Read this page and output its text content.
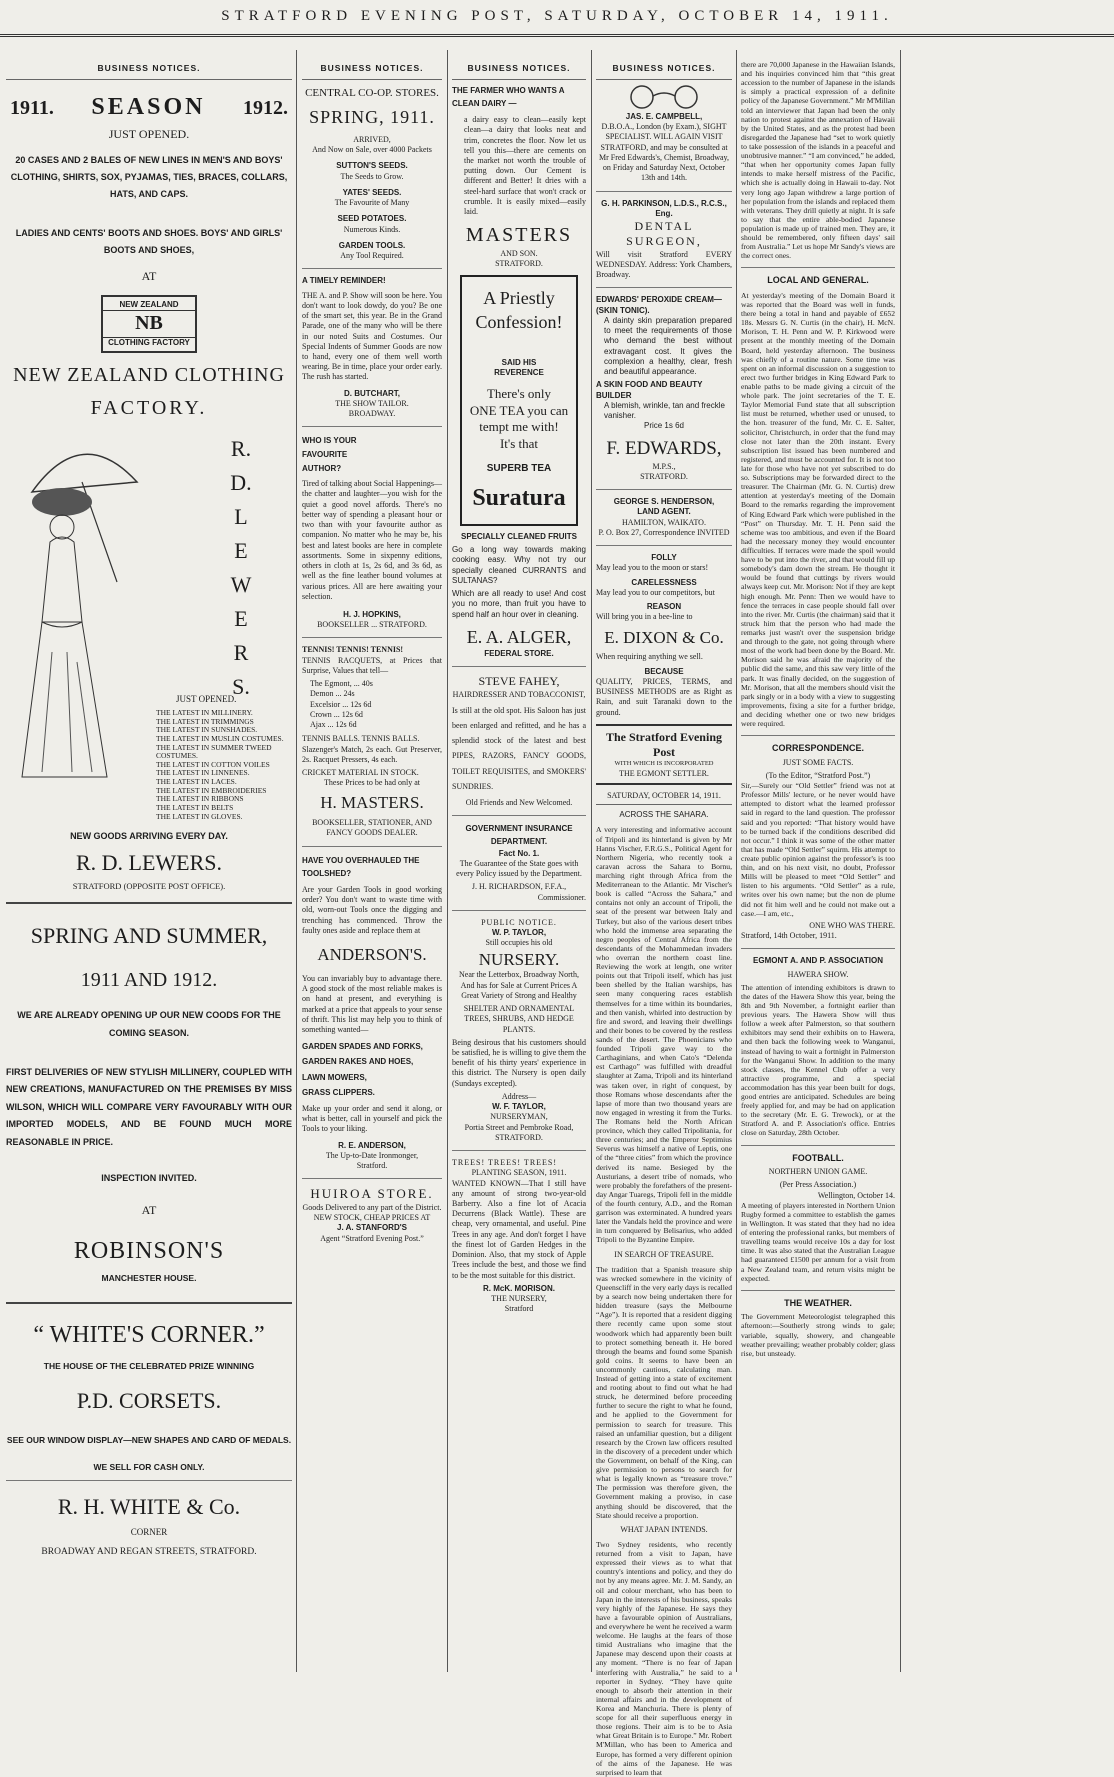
STRATFORD EVENING POST, SATURDAY, OCTOBER 14, 1911.
BUSINESS NOTICES.
1911. SEASON 1912.
JUST OPENED.
20 CASES AND 2 BALES OF NEW LINES IN MEN'S AND BOYS' CLOTHING, SHIRTS, SOX, PYJAMAS, TIES, BRACES, COLLARS, HATS, AND CAPS.
LADIES AND CENTS' BOOTS AND SHOES. BOYS' AND GIRLS' BOOTS AND SHOES,
AT
NEW ZEALAND
NB
CLOTHING FACTORY
NEW ZEALAND CLOTHING
FACTORY.
R.
D.
L
E
W
E
R
S.
JUST OPENED.
THE LATEST IN MILLINERY.
THE LATEST IN TRIMMINGS
THE LATEST IN SUNSHADES.
THE LATEST IN MUSLIN COSTUMES.
THE LATEST IN SUMMER TWEED COSTUMES.
THE LATEST IN COTTON VOILES
THE LATEST IN LINNENES.
THE LATEST IN LACES.
THE LATEST IN EMBROIDERIES
THE LATEST IN RIBBONS
THE LATEST IN BELTS
THE LATEST IN GLOVES.
NEW GOODS ARRIVING EVERY DAY.
R. D. LEWERS.
STRATFORD (OPPOSITE POST OFFICE).
SPRING AND SUMMER,
1911 AND 1912.
WE ARE ALREADY OPENING UP OUR NEW COODS FOR THE COMING SEASON.
FIRST DELIVERIES OF NEW STYLISH MILLINERY, COUPLED WITH NEW CREATIONS, MANUFACTURED ON THE PREMISES BY MISS WILSON, WHICH WILL COMPARE VERY FAVOURABLY WITH OUR IMPORTED MODELS, AND BE FOUND MUCH MORE REASONABLE IN PRICE.
INSPECTION INVITED.
AT
ROBINSON'S
MANCHESTER HOUSE.
“ WHITE'S CORNER.”
THE HOUSE OF THE CELEBRATED PRIZE WINNING
P.D. CORSETS.
SEE OUR WINDOW DISPLAY—NEW SHAPES AND CARD OF MEDALS.
WE SELL FOR CASH ONLY.
R. H. WHITE & Co.
CORNER
BROADWAY AND REGAN STREETS, STRATFORD.
BUSINESS NOTICES.
CENTRAL CO-OP. STORES.
SPRING, 1911.
ARRIVED,
And Now on Sale, over 4000 Packets
SUTTON'S SEEDS.
The Seeds to Grow.
YATES' SEEDS.
The Favourite of Many
SEED POTATOES.
Numerous Kinds.
GARDEN TOOLS.
Any Tool Required.
A TIMELY REMINDER!

THE A. and P. Show will soon be here. You don't want to look dowdy, do you? Be one of the smart set, this year. Be in the Grand Parade, one of the many who will be there in our noted Suits and Costumes. Our Special Indents of Summer Goods are now to hand, every one of them well worth wearing. Be in time, place your order early. The rush has started.

D. BUTCHART,
THE SHOW TAILOR.
BROADWAY.
WHO IS YOUR FAVOURITE AUTHOR?

Tired of talking about Social Happenings—the chatter and laughter—you wish for the quiet a good novel affords. There's no better way of spending a pleasant hour or two than with your favourite author as companion. No matter who he may be, his best and latest books are here in complete assortments. Some in sixpenny editions, others in cloth at 1s, 2s 6d, and 3s 6d, as well as the fine leather bound volumes at various prices. All are here awaiting your selection.

H. J. HOPKINS,
BOOKSELLER ... STRATFORD.
TENNIS! TENNIS! TENNIS!

TENNIS RACQUETS, at Prices that Surprise, Values that tell—

The Egmont, ... 40s
Demon ... 24s
Excelsior ... 12s 6d
Crown ... 12s 6d
Ajax ... 12s 6d
TENNIS BALLS. TENNIS BALLS.

Slazenger's Match, 2s each. Gut Preserver, 2s. Racquet Pressers, 4s each.

CRICKET MATERIAL IN STOCK.
These Prices to be had only at
H. MASTERS.
BOOKSELLER, STATIONER, AND FANCY GOODS DEALER.
HAVE YOU OVERHAULED THE TOOLSHED?

Are your Garden Tools in good working order? You don't want to waste time with old, worn-out Tools once the digging and trenching has commenced. Throw the faulty ones aside and replace them at

ANDERSON'S.

You can invariably buy to advantage there. A good stock of the most reliable makes is on hand at present, and everything is marked at a price that appeals to your sense of thrift. This list may help you to think of something wanted—

GARDEN SPADES AND FORKS,
GARDEN RAKES AND HOES,
LAWN MOWERS,
GRASS CLIPPERS.

Make up your order and send it along, or what is better, call in yourself and pick the Tools to your liking.

R. E. ANDERSON,
The Up-to-Date Ironmonger,
Stratford.
HUIROA STORE.
Goods Delivered to any part of the District.
NEW STOCK, CHEAP PRICES AT
J. A. STANFORD'S
Agent “Stratford Evening Post.”
BUSINESS NOTICES.
THE FARMER WHO WANTS A CLEAN DAIRY —

a dairy easy to clean—easily kept clean—a dairy that looks neat and trim, concretes the floor. Now let us tell you this—there are cements on the market not worth the trouble of putting down. Our Cement is different and Better! It dries with a steel-hard surface that won't crack or crumble. It is easily mixed—easily laid.

MASTERS
AND SON.
STRATFORD.
A Priestly
Confession!
SAID HIS
REVERENCE
There's only
ONE TEA you can
tempt me with!
It's that
SUPERB TEA
Suratura
SPECIALLY CLEANED FRUITS

Go a long way towards making cooking easy. Why not try our specially cleaned CURRANTS and SULTANAS?

Which are all ready to use! And cost you no more, than fruit you have to spend half an hour over in cleaning.

E. A. ALGER,
FEDERAL STORE.
STEVE FAHEY,
HAIRDRESSER AND TOBACCONIST,

Is still at the old spot. His Saloon has just been enlarged and refitted, and he has a splendid stock of the latest and best PIPES, RAZORS, FANCY GOODS, TOILET REQUISITES, and SMOKERS' SUNDRIES.

Old Friends and New Welcomed.
GOVERNMENT INSURANCE DEPARTMENT.
Fact No. 1.

The Guarantee of the State goes with every Policy issued by the Department.

J. H. RICHARDSON, F.F.A.,
Commissioner.
PUBLIC NOTICE.
W. P. TAYLOR,
Still occupies his old
NURSERY.

Near the Letterbox, Broadway North, And has for Sale at Current Prices A Great Variety of Strong and Healthy

SHELTER AND ORNAMENTAL TREES, SHRUBS, AND HEDGE PLANTS.

Being desirous that his customers should be satisfied, he is willing to give them the benefit of his thirty years' experience in this district. The Nursery is open daily (Sundays excepted).

Address—
W. F. TAYLOR,
NURSERYMAN,
Portia Street and Pembroke Road,
STRATFORD.
TREES! TREES! TREES!
PLANTING SEASON, 1911.

WANTED KNOWN—That I still have any amount of strong two-year-old Barberry. Also a fine lot of Acacia Decurrens (Black Wattle). These are cheap, very ornamental, and useful. Pine Trees in any age. And don't forget I have the finest lot of Garden Hedges in the Dominion. Also, that my stock of Apple Trees include the best, and those we find to be the most suitable for this district.

R. McK. MORISON.
THE NURSERY,
Stratford
BUSINESS NOTICES.
JAS. E. CAMPBELL,

D.B.O.A., London (by Exam.), SIGHT SPECIALIST. WILL AGAIN VISIT STRATFORD, and may be consulted at Mr Fred Edwards's, Chemist, Broadway, on Friday and Saturday Next, October 13th and 14th.

G. H. PARKINSON, L.D.S., R.C.S., Eng.
DENTAL SURGEON,

Will visit Stratford EVERY WEDNESDAY. Address: York Chambers, Broadway.

EDWARDS' PEROXIDE CREAM— (SKIN TONIC).

A dainty skin preparation prepared to meet the requirements of those who demand the best without extravagant cost. It gives the complexion a healthy, clear, fresh and beautiful appearance.

A SKIN FOOD AND BEAUTY BUILDER
A blemish, wrinkle, tan and freckle vanisher.
Price 1s 6d
F. EDWARDS,
M.P.S.,
STRATFORD.
GEORGE S. HENDERSON,
LAND AGENT.
HAMILTON, WAIKATO.
P. O. Box 27, Correspondence INVITED
FOLLY
May lead you to the moon or stars!
CARELESSNESS
May lead you to our competitors, but
REASON
Will bring you in a bee-line to
E. DIXON & Co.
When requiring anything we sell.
BECAUSE

QUALITY, PRICES, TERMS, and BUSINESS METHODS are as Right as Rain, and suit Taranaki down to the ground.

The Stratford Evening Post
WITH WHICH IS INCORPORATED
THE EGMONT SETTLER.
SATURDAY, OCTOBER 14, 1911.
ACROSS THE SAHARA.

A very interesting and informative account of Tripoli and its hinterland is given by Mr Hanns Vischer, F.R.G.S., Political Agent for Northern Nigeria, who recently took a caravan across the Sahara to Bornu, marching right through Africa from the Mediterranean to the Atlantic. Mr Vischer's book is called “Across the Sahara,” and contains not only an account of Tripoli, the seat of the present war between Italy and Turkey, but also of the various desert tribes who hold the immense area separating the negro peoples of Central Africa from the descendants of the Mohammedan invaders who overran the northern coast line. Reviewing the work at length, one writer points out that Tripoli itself, which has just been shelled by the Italian warships, has seen many conquering races establish themselves for a time within its boundaries, and then vanish, whirled into destruction by fire and sword, and leaving their dwellings and their bones to be covered by the restless sands of the desert. The Phoenicians who founded Tripoli gave way to the Carthaginians, and when Cato's “Delenda est Carthago” was fulfilled with dreadful slaughter at Zama, Tripoli and its hinterland was taken over, in right of conquest, by those Romans whose descendants after the lapse of more than two thousand years are now engaged in wresting it from the Turks. The Romans held the North African province, which they called Tripolitania, for three centuries; and the Emperor Septimius Severus was himself a native of Leptis, one of the “three cities” from which the province derived its name. Besieged by the Austurians, a desert tribe of nomads, who were probably the forefathers of the present-day Angar Tuaregs, Tripoli fell in the middle of the fourth century, A.D., and the Roman garrison was exterminated. A hundred years later the Vandals held the province and were in turn conquered by Belisarius, who added Tripoli to the Byzantine Empire.

IN SEARCH OF TREASURE.

The tradition that a Spanish treasure ship was wrecked somewhere in the vicinity of Queenscliff in the very early days is recalled by a search now being undertaken there for hidden treasure (says the Melbourne “Age”). It is reported that a resident digging there recently came upon some stout woodwork which had apparently been built to protect something beneath it. He bored through the beams and found some Spanish gold coins. It seems to have been an uncommonly cautious, calculating man. Instead of getting into a state of excitement and rooting about to find out what he had struck, he determined before proceeding further to secure the right to what he found, and he applied to the Government for permission to search for treasure. This raised an unfamiliar question, but a diligent research by the Crown law officers resulted in the discovery of a precedent under which the Government, on behalf of the King, can give permission to persons to search for what is legally known as “treasure trove.” The permission was therefore given, the Government making a proviso, in case anything should be discovered, that the State should receive a proportion.

WHAT JAPAN INTENDS.

Two Sydney residents, who recently returned from a visit to Japan, have expressed their views as to what that country's intentions and policy, and they do not by any means agree. Mr. J. M. Sandy, an oil and colour merchant, who has been to Japan in the interests of his business, speaks very highly of the Japanese. He says they have a favourable opinion of Australians, and everywhere he went he received a warm welcome. He laughs at the fears of those timid Australians who imagine that the Japanese may descend upon their coasts at any moment. “There is no fear of Japan interfering with Australia,” he said to a reporter in Sydney. “They have quite enough to absorb their attention in their internal affairs and in the development of Korea and Manchuria. There is plenty of scope for all their superfluous energy in those regions. Their aim is to be to Asia what Great Britain is to Europe.” Mr. Robert M'Millan, who has been to America and Europe, has formed a very different opinion of the aims of the Japanese. He was surprised to learn that

there are 70,000 Japanese in the Hawaiian Islands, and his inquiries convinced him that “this great accession to the number of Japanese in the islands is simply a practical expression of a definite policy of the Japanese Government.” Mr M'Millan told an interviewer that Japan had been the only nation to protest against the annexation of Hawaii by the United States, and as the protest had been disregarded the Japanese had “set to work quietly to take possession of the islands in a peaceful and unobtrusive manner.” “I am convinced,” he added, “that when her opportunity comes Japan fully intends to make herself mistress of the Pacific, which she is actually doing in Hawaii to-day. Not very long ago Japan withdrew a large portion of her population from the islands and replaced them with veterans. They drill quietly at night. It is safe to say that the entire able-bodied Japanese population is made up of trained men. They are, it should be remembered, only fifteen days' sail from Australia.” Let us hope Mr Sandy's views are the correct ones.

LOCAL AND GENERAL.

At yesterday's meeting of the Domain Board it was reported that the Board was well in funds, there being a total in hand and payable of £652 18s. Messrs G. N. Curtis (in the chair), H. McN. Morison, T. H. Penn and W. P. Kirkwood were present at the monthly meeting of the Domain Board, held yesterday afternoon. The business was chiefly of a routine nature. Some time was spent on an informal discussion on a suggestion to erect two further bridges in King Edward Park to enable paths to be made giving a circuit of the whole park. The joint secretaries of the T. E. Taylor Memorial Fund state that all subscription list must be returned, whether used or unused, to the hon. treasurer of the fund, Mr. C. E. Salter, solicitor, Christchurch, in order that the fund may close not later than the 20th instant. Every subscription list issued has been numbered and registered, and must be accounted for. It is not too late for those who have not yet subscribed to do so. Subscriptions may be forwarded direct to the treasurer. The Chairman (Mr. G. N. Curtis) drew attention at yesterday's meeting of the Domain Board to the remarks regarding the improvement of King Edward Park which were published in the “Post” on Thursday. Mr. T. H. Penn said the scheme was too ambitious, and even if the Board had the necessary money they would encounter difficulties. If terraces were made the spoil would have to be put into the river, and that would fill up somebody's dam down the stream. He thought it would be found that cuttings by rivers would always keep cut. Mr. Morison: Not if they are kept high enough. Mr. Penn: Then we would have to fence the terraces in case people should fall over into the river. Mr. Curtis (the chairman) said that it struck him that the person who had made the remarks just wasn't over the suspension bridge and through to the gate, not going through where most of the work had been done by the Board. Mr. Morison said he was afraid the majority of the public did the same, and this saw very little of the park. It was finally decided, on the suggestion of Mr. Morison, that all the members should visit the park singly or in a body with a view to suggesting improvements, fixing a site for a further bridge, and deciding whether one or two new bridges were required.

CORRESPONDENCE.
JUST SOME FACTS.
(To the Editor, “Stratford Post.”)

Sir,—Surely our “Old Settler” friend was not at Professor Mills' lecture, or he never would have attempted to distort what the learned professor said in regard to the land question. The professor said and you reported: “That history would have to be turned back if the conditions described did not occur.” I think it was some of the other matter that has made “Old Settler” squirm. His attempt to create public opinion against the professor's is too thin, and on his next visit, no doubt, Professor Mills will be pleased to meet “Old Settler” and listen to his arguments. “Old Settler” as a rule, writes over his own name; but the non de plume did not fit him well and he could not make out a case.—I am, etc.,

ONE WHO WAS THERE.
Stratford, 14th October, 1911.
EGMONT A. AND P. ASSOCIATION
HAWERA SHOW.

The attention of intending exhibitors is drawn to the dates of the Hawera Show this year, being the 8th and 9th November, a fortnight earlier than previous years. The Hawera Show will thus follow a week after Palmerston, so that southern exhibitors may send their exhibits on to Hawera, and then back the following week to Wanganui, instead of having to wait a fortnight in Palmerston for the Wanganui Show. In addition to the many stock classes, the Kennel Club offer a very attractive programme, and a special accommodation has this year been built for dogs, good entries are anticipated. Schedules are being freely applied for, and may be had on application to the secretary (Mr. E. G. Trewock), or at the Stratford A. and P. Association's office. Entries close on Saturday, 28th October.

FOOTBALL.
NORTHERN UNION GAME.
(Per Press Association.)
Wellington, October 14.

A meeting of players interested in Northern Union Rugby formed a committee to establish the games in Wellington. It was stated that they had no idea of entering the professional ranks, but members of travelling teams would receive 10s a day for lost time. It was also stated that the Australian League had guaranteed £1500 per annum for a visit from a New Zealand team, and return visits might be expected.

THE WEATHER.

The Government Meteorologist telegraphed this afternoon:—Southerly strong winds to gale; variable, squally, showery, and changeable weather prevailing; weather probably colder; glass rise, but unsteady.
